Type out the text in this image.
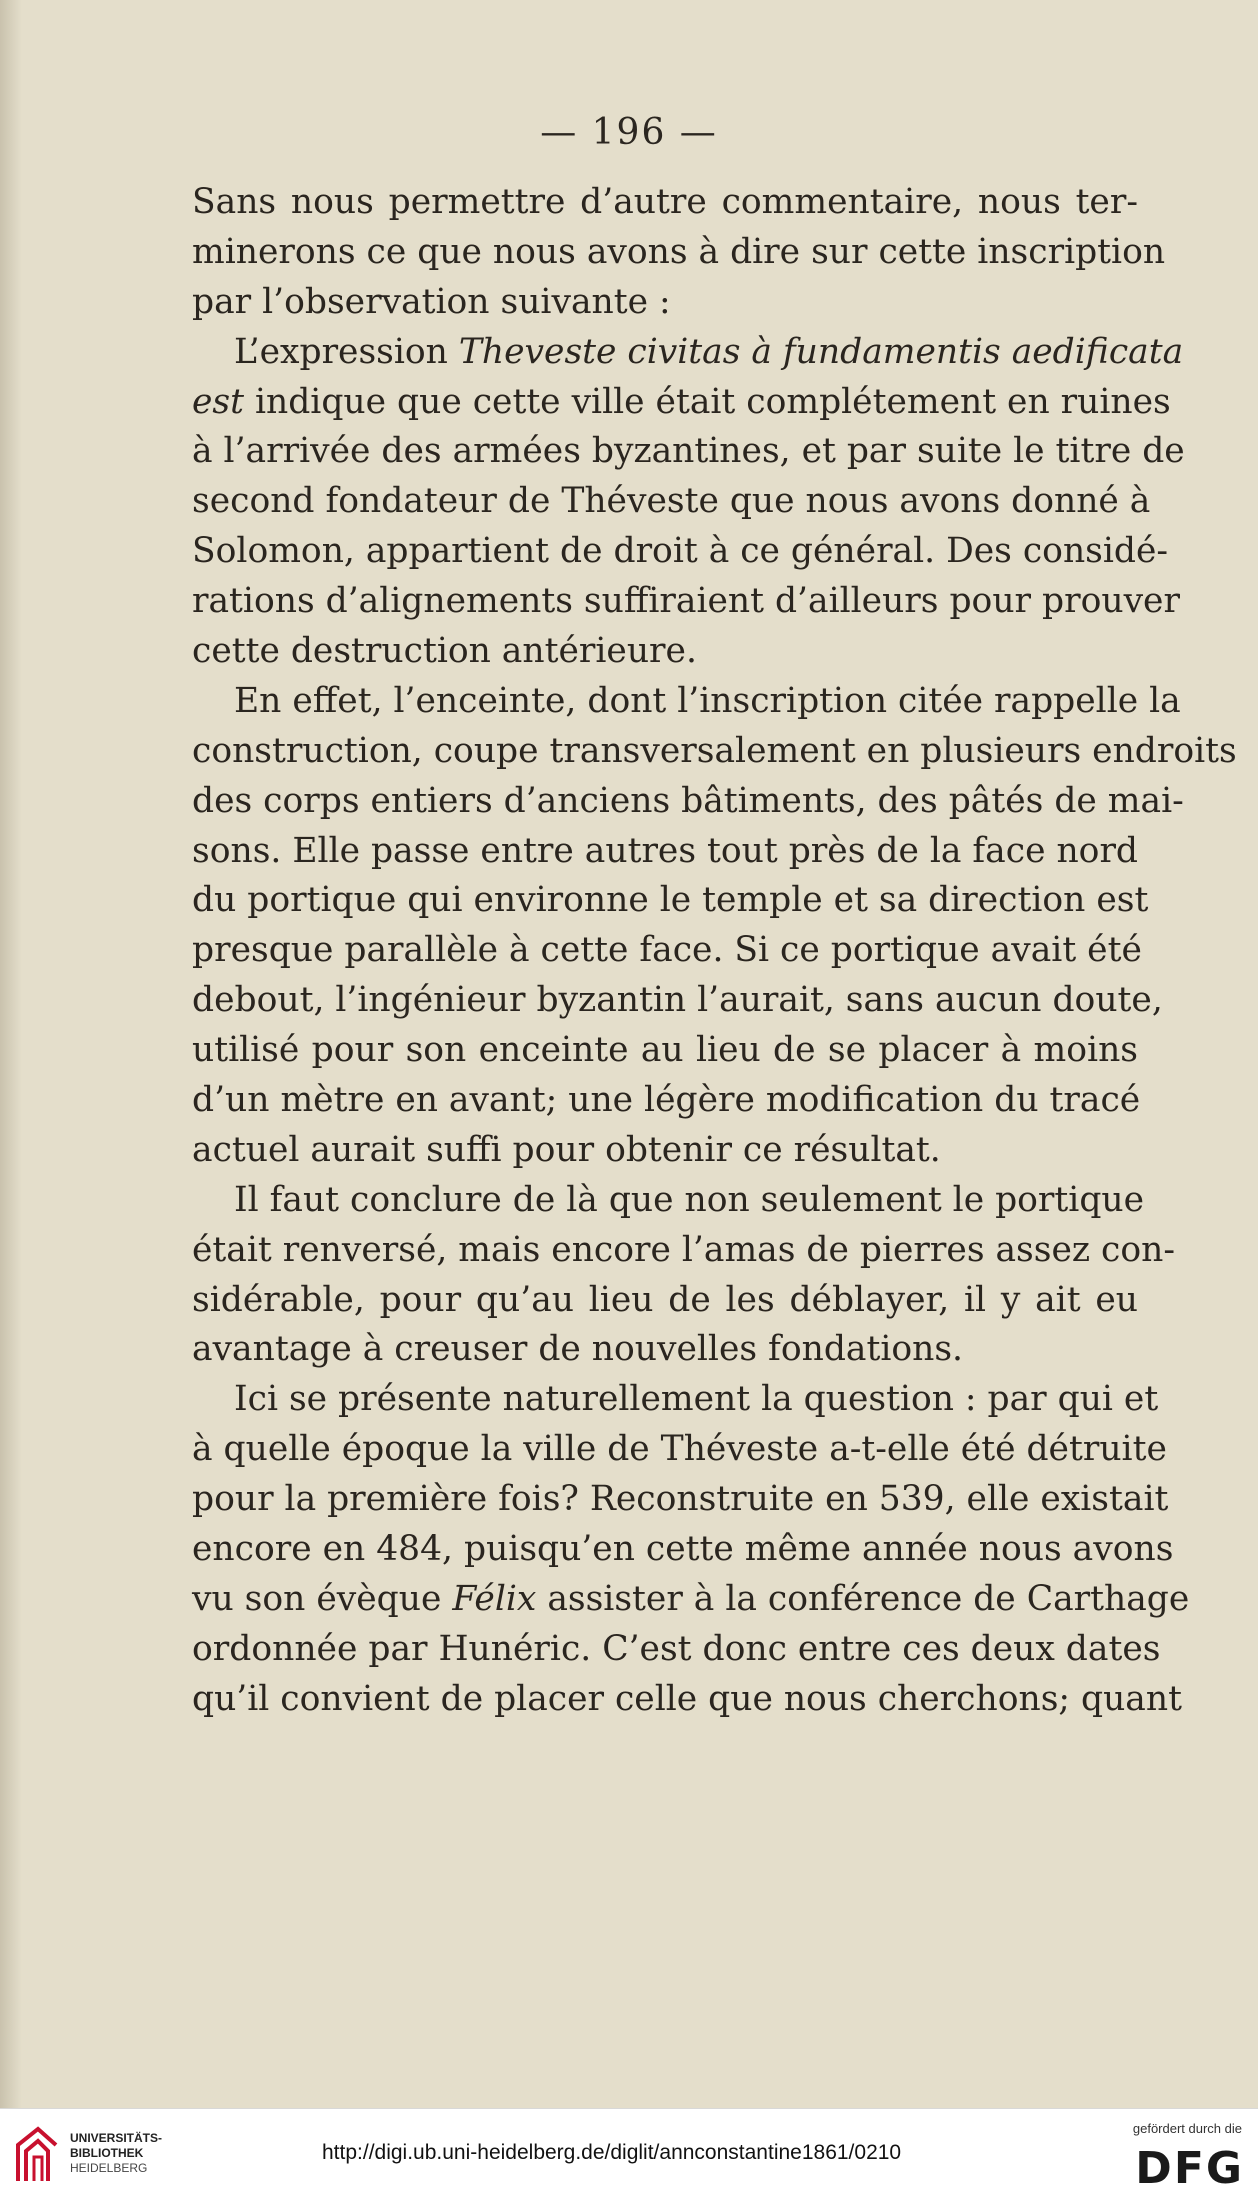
— 196 —
Sans nous permettre d’autre commentaire, nous ter-
minerons ce que nous avons à dire sur cette inscription
par l’observation suivante :
L’expression Theveste civitas à fundamentis aedificata
est indique que cette ville était complétement en ruines
à l’arrivée des armées byzantines, et par suite le titre de
second fondateur de Théveste que nous avons donné à
Solomon, appartient de droit à ce général. Des considé-
rations d’alignements suffiraient d’ailleurs pour prouver
cette destruction antérieure.
En effet, l’enceinte, dont l’inscription citée rappelle la
construction, coupe transversalement en plusieurs endroits
des corps entiers d’anciens bâtiments, des pâtés de mai-
sons. Elle passe entre autres tout près de la face nord
du portique qui environne le temple et sa direction est
presque parallèle à cette face. Si ce portique avait été
debout, l’ingénieur byzantin l’aurait, sans aucun doute,
utilisé pour son enceinte au lieu de se placer à moins
d’un mètre en avant; une légère modification du tracé
actuel aurait suffi pour obtenir ce résultat.
Il faut conclure de là que non seulement le portique
était renversé, mais encore l’amas de pierres assez con-
sidérable, pour qu’au lieu de les déblayer, il y ait eu
avantage à creuser de nouvelles fondations.
Ici se présente naturellement la question : par qui et
à quelle époque la ville de Théveste a-t-elle été détruite
pour la première fois? Reconstruite en 539, elle existait
encore en 484, puisqu’en cette même année nous avons
vu son évèque Félix assister à la conférence de Carthage
ordonnée par Hunéric. C’est donc entre ces deux dates
qu’il convient de placer celle que nous cherchons; quant
UNIVERSITÄTS-
BIBLIOTHEK
HEIDELBERG
http://digi.ub.uni-heidelberg.de/diglit/annconstantine1861/0210
gefördert durch die
DFG
